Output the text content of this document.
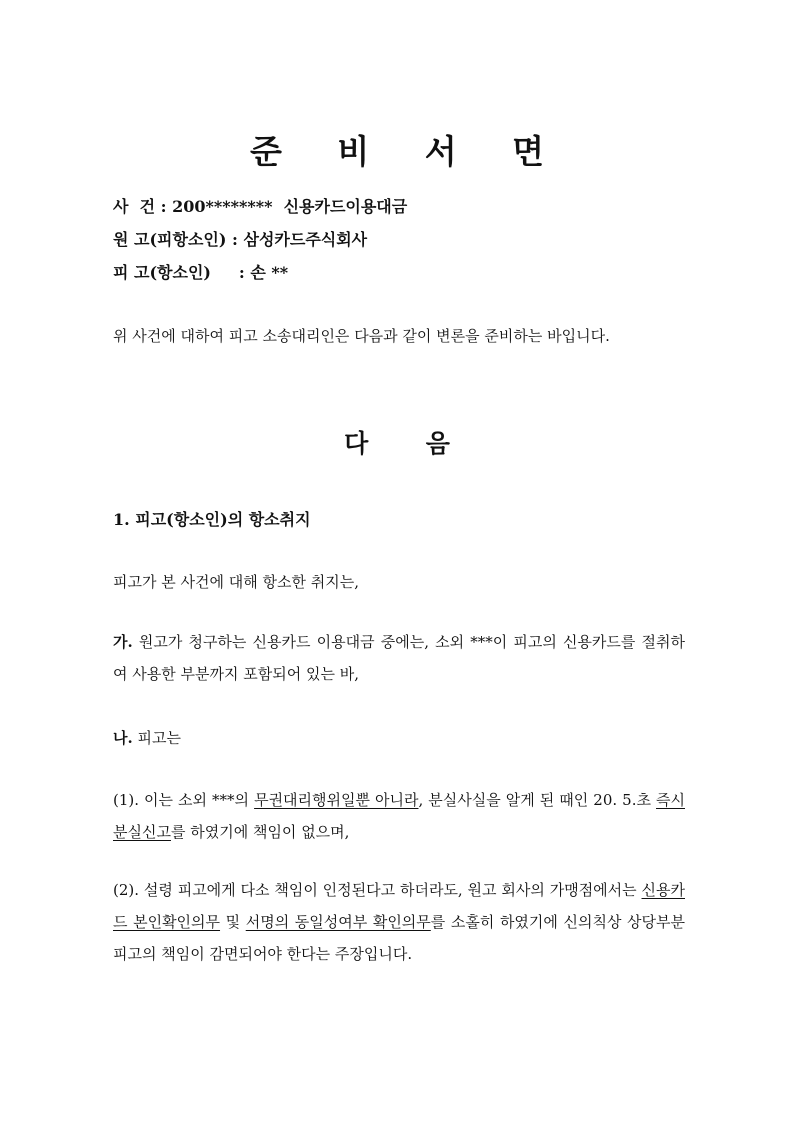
준 비 서 면
사  건 : 200********  신용카드이용대금
원 고(피항소인) : 삼성카드주식회사
피 고(항소인)     : 손 **
위 사건에 대하여 피고 소송대리인은 다음과 같이 변론을 준비하는 바입니다.
다 음
1. 피고(항소인)의 항소취지
피고가 본 사건에 대해 항소한 취지는,
가. 원고가 청구하는 신용카드 이용대금 중에는, 소외 ***이 피고의 신용카드를 절취하여 사용한 부분까지 포함되어 있는 바,
나. 피고는
(1). 이는 소외 ***의 무권대리행위일뿐 아니라, 분실사실을 알게 된 때인 20. 5.초 즉시 분실신고를 하였기에 책임이 없으며,
(2). 설령 피고에게 다소 책임이 인정된다고 하더라도, 원고 회사의 가맹점에서는 신용카드 본인확인의무 및 서명의 동일성여부 확인의무를 소홀히 하였기에 신의칙상 상당부분 피고의 책임이 감면되어야 한다는 주장입니다.
